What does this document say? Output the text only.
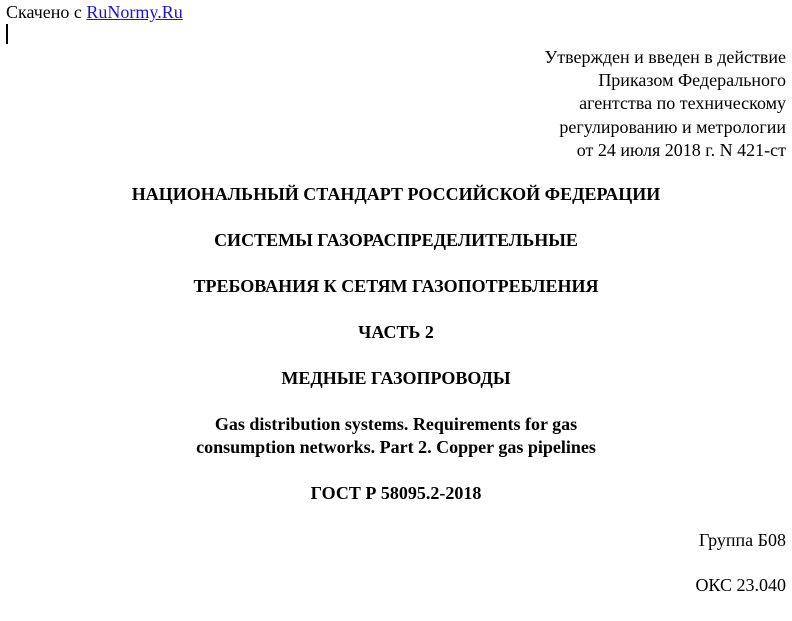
Скачено с RuNormy.Ru
Утвержден и введен в действие
Приказом Федерального
агентства по техническому
регулированию и метрологии
от 24 июля 2018 г. N 421-ст
НАЦИОНАЛЬНЫЙ СТАНДАРТ РОССИЙСКОЙ ФЕДЕРАЦИИ
СИСТЕМЫ ГАЗОРАСПРЕДЕЛИТЕЛЬНЫЕ
ТРЕБОВАНИЯ К СЕТЯМ ГАЗОПОТРЕБЛЕНИЯ
ЧАСТЬ 2
МЕДНЫЕ ГАЗОПРОВОДЫ
Gas distribution systems. Requirements for gas
consumption networks. Part 2. Copper gas pipelines
ГОСТ Р 58095.2-2018
Группа Б08
ОКС 23.040
